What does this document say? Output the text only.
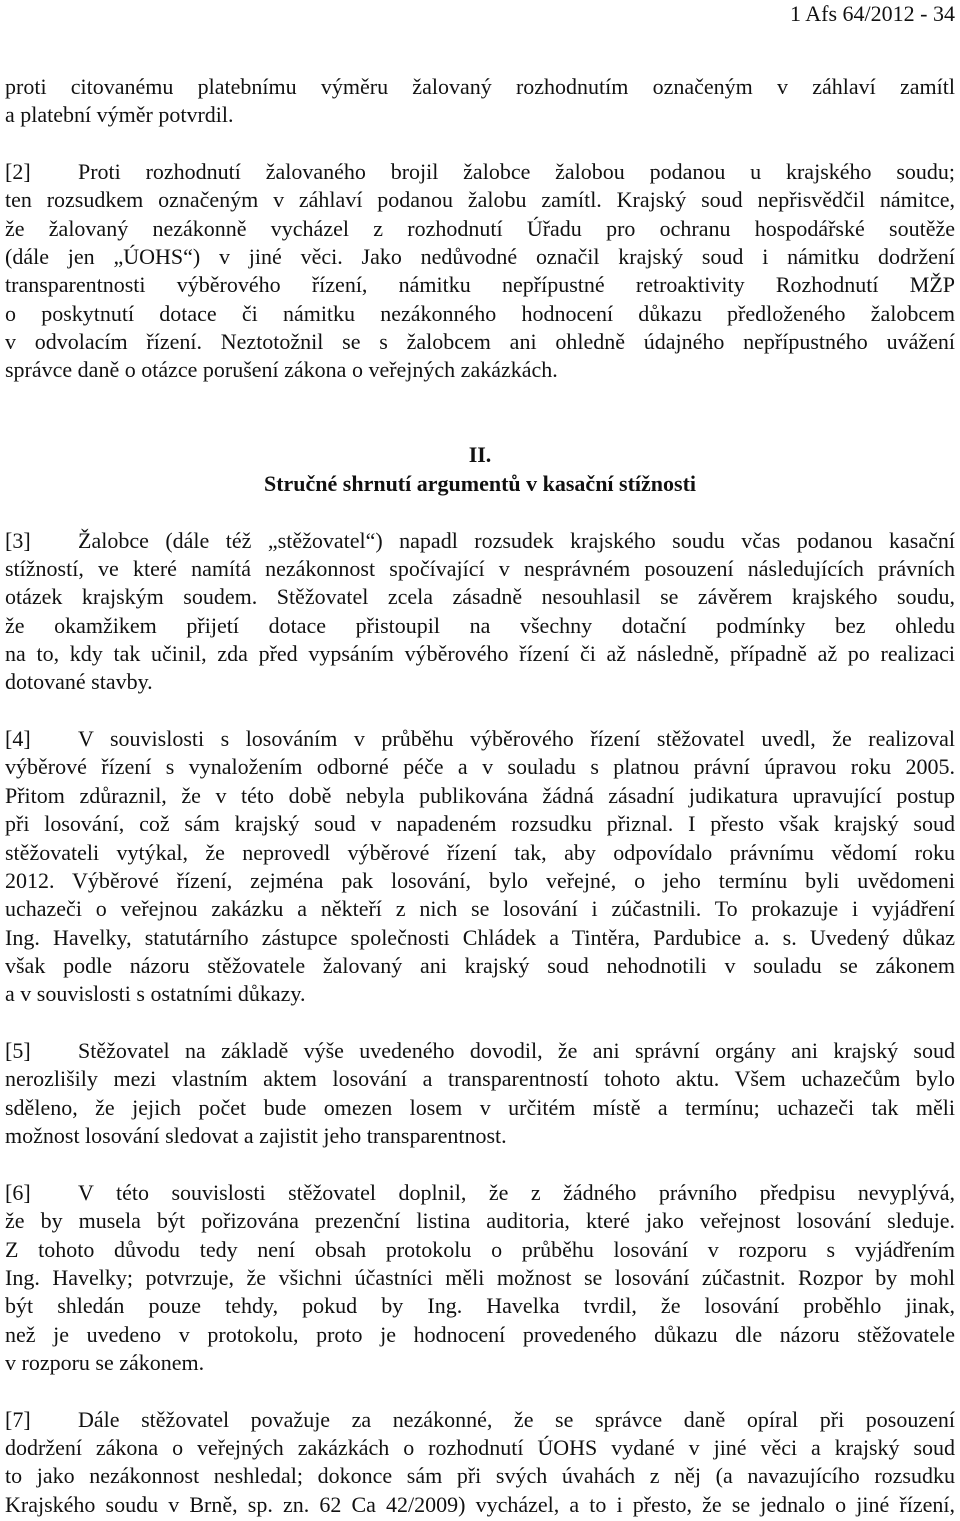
1 Afs 64/2012 - 34
proti citovanému platebnímu výměru žalovaný rozhodnutím označeným v záhlaví zamítl
a platební výměr potvrdil.
[2]	Proti rozhodnutí žalovaného brojil žalobce žalobou podanou u krajského soudu;
ten rozsudkem označeným v záhlaví podanou žalobu zamítl. Krajský soud nepřisvědčil námitce,
že žalovaný nezákonně vycházel z rozhodnutí Úřadu pro ochranu hospodářské soutěže
(dále jen „ÚOHS“) v jiné věci. Jako nedůvodné označil krajský soud i námitku dodržení
transparentnosti výběrového řízení, námitku nepřípustné retroaktivity Rozhodnutí MŽP
o poskytnutí dotace či námitku nezákonného hodnocení důkazu předloženého žalobcem
v odvolacím řízení. Neztotožnil se s žalobcem ani ohledně údajného nepřípustného uvážení
správce daně o otázce porušení zákona o veřejných zakázkách.
II.
Stručné shrnutí argumentů v kasační stížnosti
[3]	Žalobce (dále též „stěžovatel“) napadl rozsudek krajského soudu včas podanou kasační
stížností, ve které namítá nezákonnost spočívající v nesprávném posouzení následujících právních
otázek krajským soudem. Stěžovatel zcela zásadně nesouhlasil se závěrem krajského soudu,
že okamžikem přijetí dotace přistoupil na všechny dotační podmínky bez ohledu
na to, kdy tak učinil, zda před vypsáním výběrového řízení či až následně, případně až po realizaci
dotované stavby.
[4]	V souvislosti s losováním v průběhu výběrového řízení stěžovatel uvedl, že realizoval
výběrové řízení s vynaložením odborné péče a v souladu s platnou právní úpravou roku 2005.
Přitom zdůraznil, že v této době nebyla publikována žádná zásadní judikatura upravující postup
při losování, což sám krajský soud v napadeném rozsudku přiznal. I přesto však krajský soud
stěžovateli vytýkal, že neprovedl výběrové řízení tak, aby odpovídalo právnímu vědomí roku
2012. Výběrové řízení, zejména pak losování, bylo veřejné, o jeho termínu byli uvědomeni
uchazeči o veřejnou zakázku a někteří z nich se losování i zúčastnili. To prokazuje i vyjádření
Ing. Havelky, statutárního zástupce společnosti Chládek a Tintěra, Pardubice a. s. Uvedený důkaz
však podle názoru stěžovatele žalovaný ani krajský soud nehodnotili v souladu se zákonem
a v souvislosti s ostatními důkazy.
[5]	Stěžovatel na základě výše uvedeného dovodil, že ani správní orgány ani krajský soud
nerozlišily mezi vlastním aktem losování a transparentností tohoto aktu. Všem uchazečům bylo
sděleno, že jejich počet bude omezen losem v určitém místě a termínu; uchazeči tak měli
možnost losování sledovat a zajistit jeho transparentnost.
[6]	V této souvislosti stěžovatel doplnil, že z žádného právního předpisu nevyplývá,
že by musela být pořizována prezenční listina auditoria, které jako veřejnost losování sleduje.
Z tohoto důvodu tedy není obsah protokolu o průběhu losování v rozporu s vyjádřením
Ing. Havelky; potvrzuje, že všichni účastníci měli možnost se losování zúčastnit. Rozpor by mohl
být shledán pouze tehdy, pokud by Ing. Havelka tvrdil, že losování proběhlo jinak,
než je uvedeno v protokolu, proto je hodnocení provedeného důkazu dle názoru stěžovatele
v rozporu se zákonem.
[7]	Dále stěžovatel považuje za nezákonné, že se správce daně opíral při posouzení
dodržení zákona o veřejných zakázkách o rozhodnutí ÚOHS vydané v jiné věci a krajský soud
to jako nezákonnost neshledal; dokonce sám při svých úvahách z něj (a navazujícího rozsudku
Krajského soudu v Brně, sp. zn. 62 Ca 42/2009) vycházel, a to i přesto, že se jednalo o jiné řízení,
